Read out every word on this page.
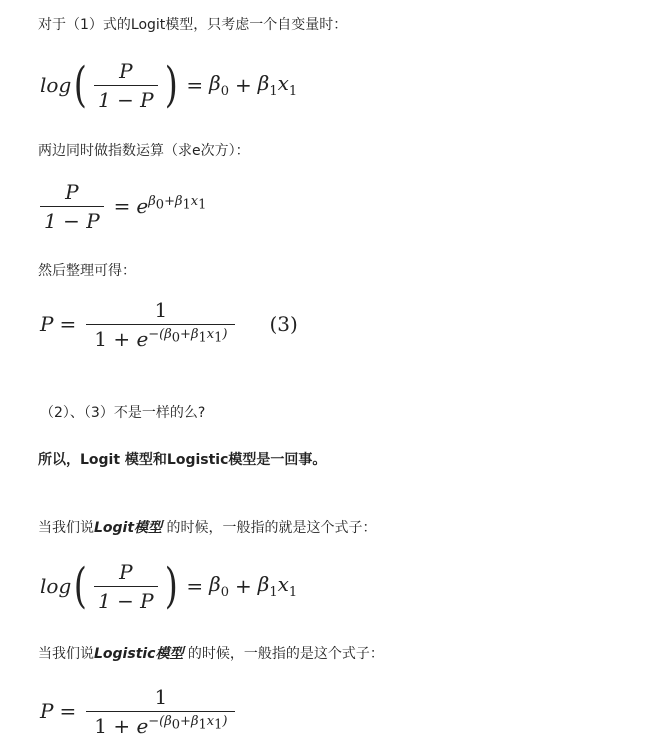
对于（1）式的Logit模型，只考虑一个自变量时：
log ( $\frac{P}{1 - P}$ ) = $\beta_0 + \beta_1x_1$
两边同时做指数运算（求e次方）：
$\frac{P}{1 - P} = e^{\beta_0+\beta_1x_1}$
然后整理可得：
$P = \frac{1}{1 + e^{-(\beta_0+\beta_1x_1)}} (3)$
（2）、（3）不是一样的么?
所以，Logit 模型和Logistic模型是一回事。
当我们说Logit模型 的时候，一般指的就是这个式子：
log ( $\frac{P}{1 - P}$ ) = $\beta_0 + \beta_1x_1$
当我们说Logistic模型 的时候，一般指的是这个式子：
$P = \frac{1}{1 + e^{-(\beta_0+\beta_1x_1)}}$
